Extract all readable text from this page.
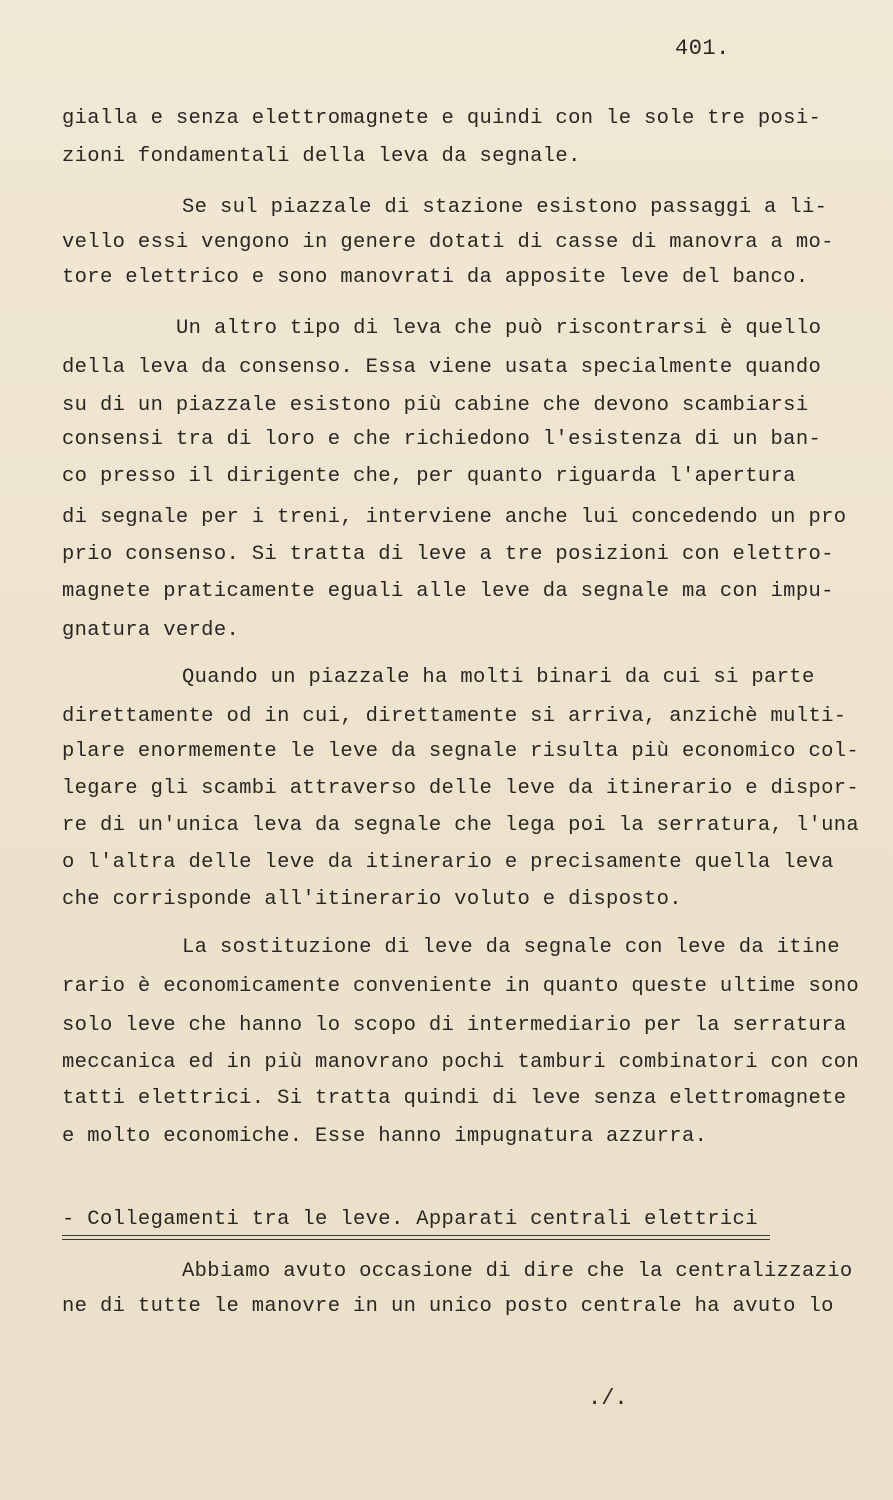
401.
gialla e senza elettromagnete e quindi con le sole tre posi-
zioni fondamentali della leva da segnale.
Se sul piazzale di stazione esistono passaggi a li-
vello essi vengono in genere dotati di casse di manovra a mo-
tore elettrico e sono manovrati da apposite leve del banco.
Un altro tipo di leva che può riscontrarsi è quello
della leva da consenso. Essa viene usata specialmente quando
su di un piazzale esistono più cabine che devono scambiarsi
consensi tra di loro e che richiedono l'esistenza di un ban-
co presso il dirigente che, per quanto riguarda l'apertura
di segnale per i treni, interviene anche lui concedendo un pro
prio consenso. Si tratta di leve a tre posizioni con elettro-
magnete praticamente eguali alle leve da segnale ma con impu-
gnatura verde.
Quando un piazzale ha molti binari da cui si parte
direttamente od in cui, direttamente si arriva, anzichè multi-
plare enormemente le leve da segnale risulta più economico col-
legare gli scambi attraverso delle leve da itinerario e dispor-
re di un'unica leva da segnale che lega poi la serratura, l'una
o l'altra delle leve da itinerario e precisamente quella leva
che corrisponde all'itinerario voluto e disposto.
La sostituzione di leve da segnale con leve da itine
rario è economicamente conveniente in quanto queste ultime sono
solo leve che hanno lo scopo di intermediario per la serratura
meccanica ed in più manovrano pochi tamburi combinatori con con
tatti elettrici. Si tratta quindi di leve senza elettromagnete
e molto economiche. Esse hanno impugnatura azzurra.
- Collegamenti tra le leve. Apparati centrali elettrici
Abbiamo avuto occasione di dire che la centralizzazio
ne di tutte le manovre in un unico posto centrale ha avuto lo
./.
